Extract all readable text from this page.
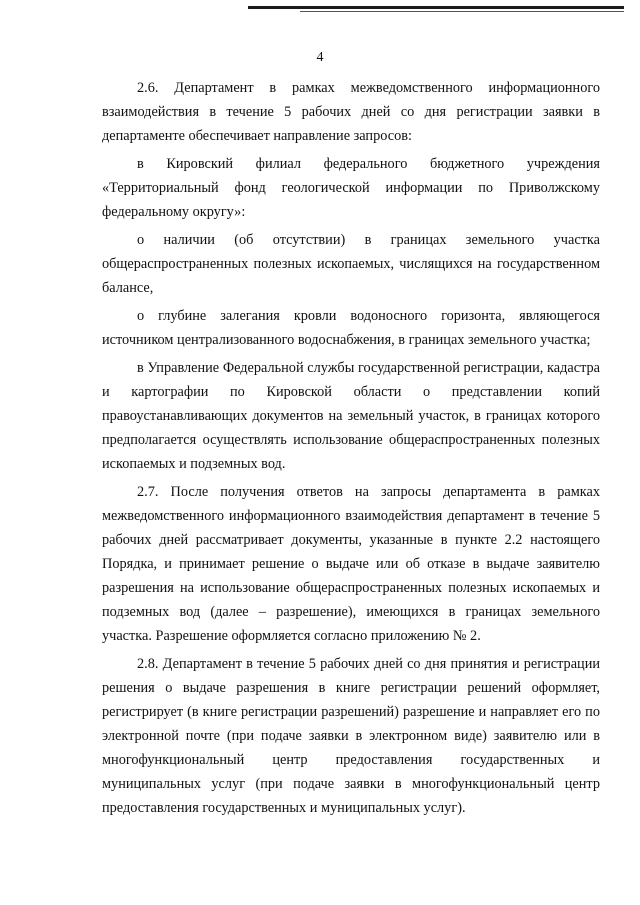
4

2.6. Департамент в рамках межведомственного информационного взаимодействия в течение 5 рабочих дней со дня регистрации заявки в департаменте обеспечивает направление запросов:

в Кировский филиал федерального бюджетного учреждения «Территориальный фонд геологической информации по Приволжскому федеральному округу»:

о наличии (об отсутствии) в границах земельного участка общераспространенных полезных ископаемых, числящихся на государственном балансе,

о глубине залегания кровли водоносного горизонта, являющегося источником централизованного водоснабжения, в границах земельного участка;

в Управление Федеральной службы государственной регистрации, кадастра и картографии по Кировской области о представлении копий правоустанавливающих документов на земельный участок, в границах которого предполагается осуществлять использование общераспространенных полезных ископаемых и подземных вод.

2.7. После получения ответов на запросы департамента в рамках межведомственного информационного взаимодействия департамент в течение 5 рабочих дней рассматривает документы, указанные в пункте 2.2 настоящего Порядка, и принимает решение о выдаче или об отказе в выдаче заявителю разрешения на использование общераспространенных полезных ископаемых и подземных вод (далее – разрешение), имеющихся в границах земельного участка. Разрешение оформляется согласно приложению № 2.

2.8. Департамент в течение 5 рабочих дней со дня принятия и регистрации решения о выдаче разрешения в книге регистрации решений оформляет, регистрирует (в книге регистрации разрешений) разрешение и направляет его по электронной почте (при подаче заявки в электронном виде) заявителю или в многофункциональный центр предоставления государственных и муниципальных услуг (при подаче заявки в многофункциональный центр предоставления государственных и муниципальных услуг).
